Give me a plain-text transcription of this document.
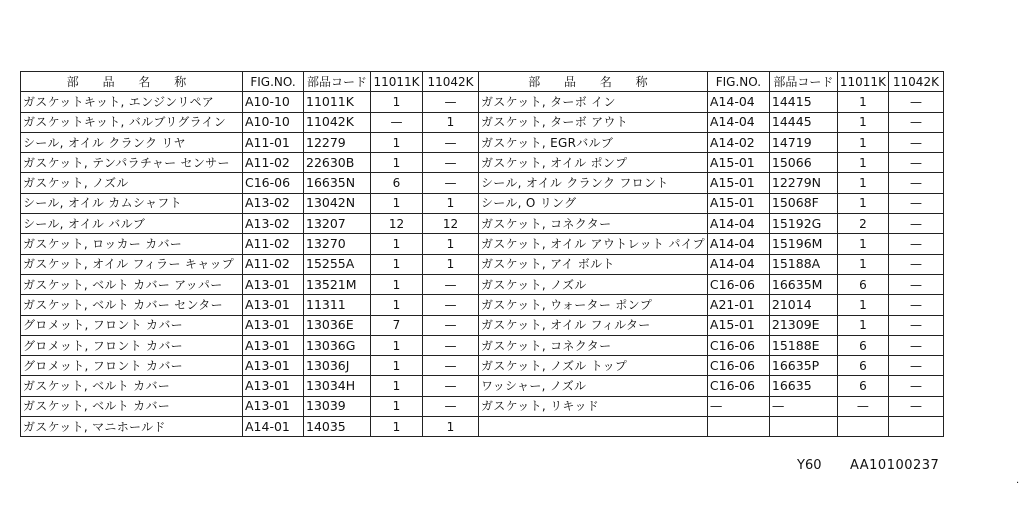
部 品 名 称	FIG.NO.	部品コード	11011K	11042K	部 品 名 称	FIG.NO.	部品コード	11011K	11042K
ガスケットキット, エンジンリペア	A10-10	11011K	1	—	ガスケット, ターボ イン	A14-04	14415	1	—
ガスケットキット, バルブリグライン	A10-10	11042K	—	1	ガスケット, ターボ アウト	A14-04	14445	1	—
シール, オイル クランク リヤ	A11-01	12279	1	—	ガスケット, EGRバルブ	A14-02	14719	1	—
ガスケット, テンパラチャー センサー	A11-02	22630B	1	—	ガスケット, オイル ポンプ	A15-01	15066	1	—
ガスケット, ノズル	C16-06	16635N	6	—	シール, オイル クランク フロント	A15-01	12279N	1	—
シール, オイル カムシャフト	A13-02	13042N	1	1	シール, O リング	A15-01	15068F	1	—
シール, オイル バルブ	A13-02	13207	12	12	ガスケット, コネクター	A14-04	15192G	2	—
ガスケット, ロッカー カバー	A11-02	13270	1	1	ガスケット, オイル アウトレット パイプ	A14-04	15196M	1	—
ガスケット, オイル フィラー キャップ	A11-02	15255A	1	1	ガスケット, アイ ボルト	A14-04	15188A	1	—
ガスケット, ベルト カバー アッパー	A13-01	13521M	1	—	ガスケット, ノズル	C16-06	16635M	6	—
ガスケット, ベルト カバー センター	A13-01	11311	1	—	ガスケット, ウォーター ポンプ	A21-01	21014	1	—
グロメット, フロント カバー	A13-01	13036E	7	—	ガスケット, オイル フィルター	A15-01	21309E	1	—
グロメット, フロント カバー	A13-01	13036G	1	—	ガスケット, コネクター	C16-06	15188E	6	—
グロメット, フロント カバー	A13-01	13036J	1	—	ガスケット, ノズル トップ	C16-06	16635P	6	—
ガスケット, ベルト カバー	A13-01	13034H	1	—	ワッシャー, ノズル	C16-06	16635	6	—
ガスケット, ベルト カバー	A13-01	13039	1	—	ガスケット, リキッド	—	—	—	—
ガスケット, マニホールド	A14-01	14035	1	1					
Y60 AA10100237
·
